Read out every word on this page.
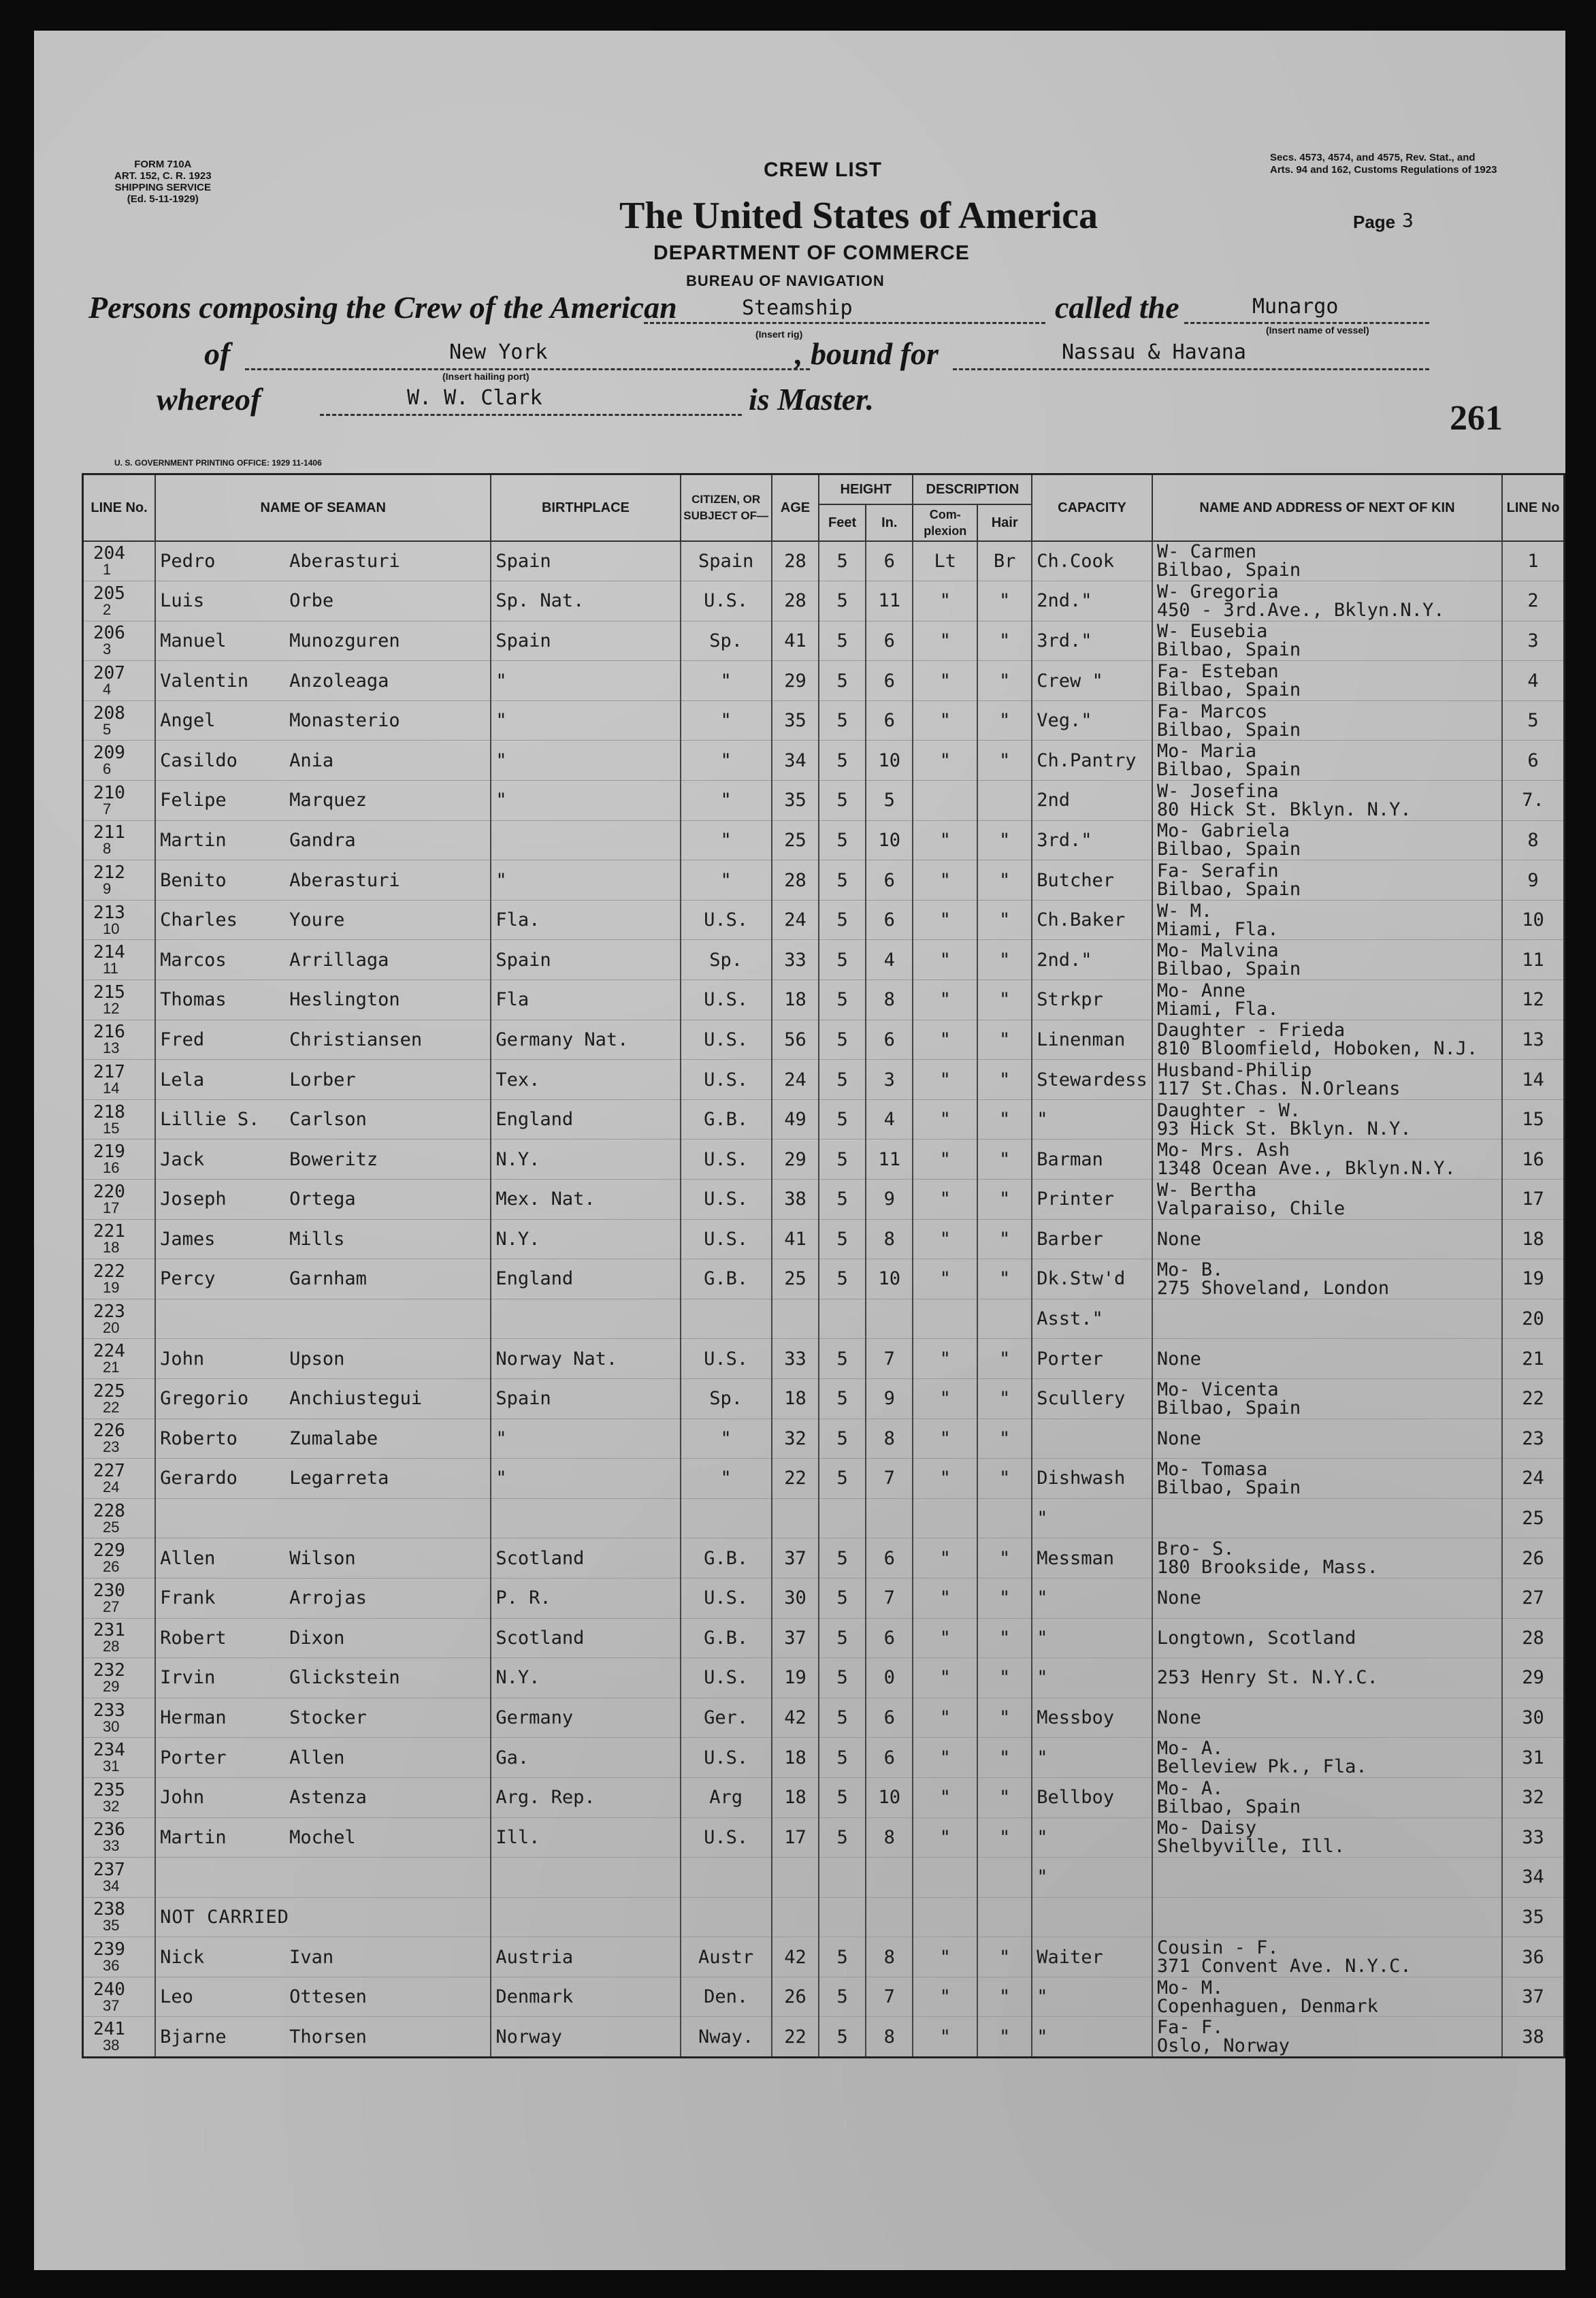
FORM 710A
ART. 152, C. R. 1923
SHIPPING SERVICE
(Ed. 5-11-1929)
Secs. 4573, 4574, and 4575, Rev. Stat., and
Arts. 94 and 162, Customs Regulations of 1923
CREW LIST
The United States of America
DEPARTMENT OF COMMERCE
BUREAU OF NAVIGATION
Page 3
Persons composing the Crew of the American	Steamship
(Insert rig)
called the	Munargo
(Insert name of vessel)
of	New York
(Insert hailing port)
, bound for	Nassau & Havana
whereof	W. W. Clark	is Master.	261
U. S. GOVERNMENT PRINTING OFFICE: 1929 11-1406
LINE No.	NAME OF SEAMAN	BIRTHPLACE	CITIZEN, OR SUBJECT OF—	AGE	HEIGHT		DESCRIPTION		CAPACITY	NAME AND ADDRESS OF NEXT OF KIN	LINE No
					Feet	In.	Com- plexion	Hair			

204
1	Pedro Aberasturi	Spain	Spain	28	5	6	Lt	Br	Ch.Cook	W- Carmen
Bilbao, Spain	1

205
2	Luis Orbe	Sp. Nat.	U.S.	28	5	11	"	"	2nd."	W- Gregoria
450 - 3rd.Ave., Bklyn.N.Y.	2

206
3	Manuel Munozguren	Spain	Sp.	41	5	6	"	"	3rd."	W- Eusebia
Bilbao, Spain	3

207
4	Valentin Anzoleaga	"	"	29	5	6	"	"	Crew "	Fa- Esteban
Bilbao, Spain	4

208
5	Angel Monasterio	"	"	35	5	6	"	"	Veg."	Fa- Marcos
Bilbao, Spain	5

209
6	Casildo Ania	"	"	34	5	10	"	"	Ch.Pantry	Mo- Maria
Bilbao, Spain	6

210
7	Felipe Marquez	"	"	35	5	5			2nd	W- Josefina
80 Hick St. Bklyn. N.Y.	7.

211
8	Martin Gandra		"	25	5	10	"	"	3rd."	Mo- Gabriela
Bilbao, Spain	8

212
9	Benito Aberasturi	"	"	28	5	6	"	"	Butcher	Fa- Serafin
Bilbao, Spain	9

213
10	Charles Youre	Fla.	U.S.	24	5	6	"	"	Ch.Baker	W- M.
Miami, Fla.	10

214
11	Marcos Arrillaga	Spain	Sp.	33	5	4	"	"	2nd."	Mo- Malvina
Bilbao, Spain	11

215
12	Thomas Heslington	Fla	U.S.	18	5	8	"	"	Strkpr	Mo- Anne
Miami, Fla.	12

216
13	Fred Christiansen	Germany Nat.	U.S.	56	5	6	"	"	Linenman	Daughter - Frieda
810 Bloomfield, Hoboken, N.J.	13

217
14	Lela Lorber	Tex.	U.S.	24	5	3	"	"	Stewardess	Husband-Philip
117 St.Chas. N.Orleans	14

218
15	Lillie S. Carlson	England	G.B.	49	5	4	"	"	"	Daughter - W.
93 Hick St. Bklyn. N.Y.	15

219
16	Jack Boweritz	N.Y.	U.S.	29	5	11	"	"	Barman	Mo- Mrs. Ash
1348 Ocean Ave., Bklyn.N.Y.	16

220
17	Joseph Ortega	Mex. Nat.	U.S.	38	5	9	"	"	Printer	W- Bertha
Valparaiso, Chile	17

221
18	James Mills	N.Y.	U.S.	41	5	8	"	"	Barber	None	18

222
19	Percy Garnham	England	G.B.	25	5	10	"	"	Dk.Stw'd	Mo- B.
275 Shoveland, London	19

223
20									Asst."		20

224
21	John Upson	Norway Nat.	U.S.	33	5	7	"	"	Porter	None	21

225
22	Gregorio Anchiustegui	Spain	Sp.	18	5	9	"	"	Scullery	Mo- Vicenta
Bilbao, Spain	22

226
23	Roberto Zumalabe	"	"	32	5	8	"	"		None	23

227
24	Gerardo Legarreta	"	"	22	5	7	"	"	Dishwash	Mo- Tomasa
Bilbao, Spain	24

228
25									"		25

229
26	Allen Wilson	Scotland	G.B.	37	5	6	"	"	Messman	Bro- S.
180 Brookside, Mass.	26

230
27	Frank Arrojas	P. R.	U.S.	30	5	7	"	"	"	None	27

231
28	Robert Dixon	Scotland	G.B.	37	5	6	"	"	"	Longtown, Scotland	28

232
29	Irvin Glickstein	N.Y.	U.S.	19	5	0	"	"	"	253 Henry St. N.Y.C.	29

233
30	Herman Stocker	Germany	Ger.	42	5	6	"	"	Messboy	None	30

234
31	Porter Allen	Ga.	U.S.	18	5	6	"	"	"	Mo- A.
Belleview Pk., Fla.	31

235
32	John Astenza	Arg. Rep.	Arg	18	5	10	"	"	Bellboy	Mo- A.
Bilbao, Spain	32

236
33	Martin Mochel	Ill.	U.S.	17	5	8	"	"	"	Mo- Daisy
Shelbyville, Ill.	33

237
34									"		34

238
35	NOT CARRIED										35

239
36	Nick Ivan	Austria	Austr	42	5	8	"	"	Waiter	Cousin - F.
371 Convent Ave. N.Y.C.	36

240
37	Leo Ottesen	Denmark	Den.	26	5	7	"	"	"	Mo- M.
Copenhaguen, Denmark	37

241
38	Bjarne Thorsen	Norway	Nway.	22	5	8	"	"	"	Fa- F.
Oslo, Norway	38
